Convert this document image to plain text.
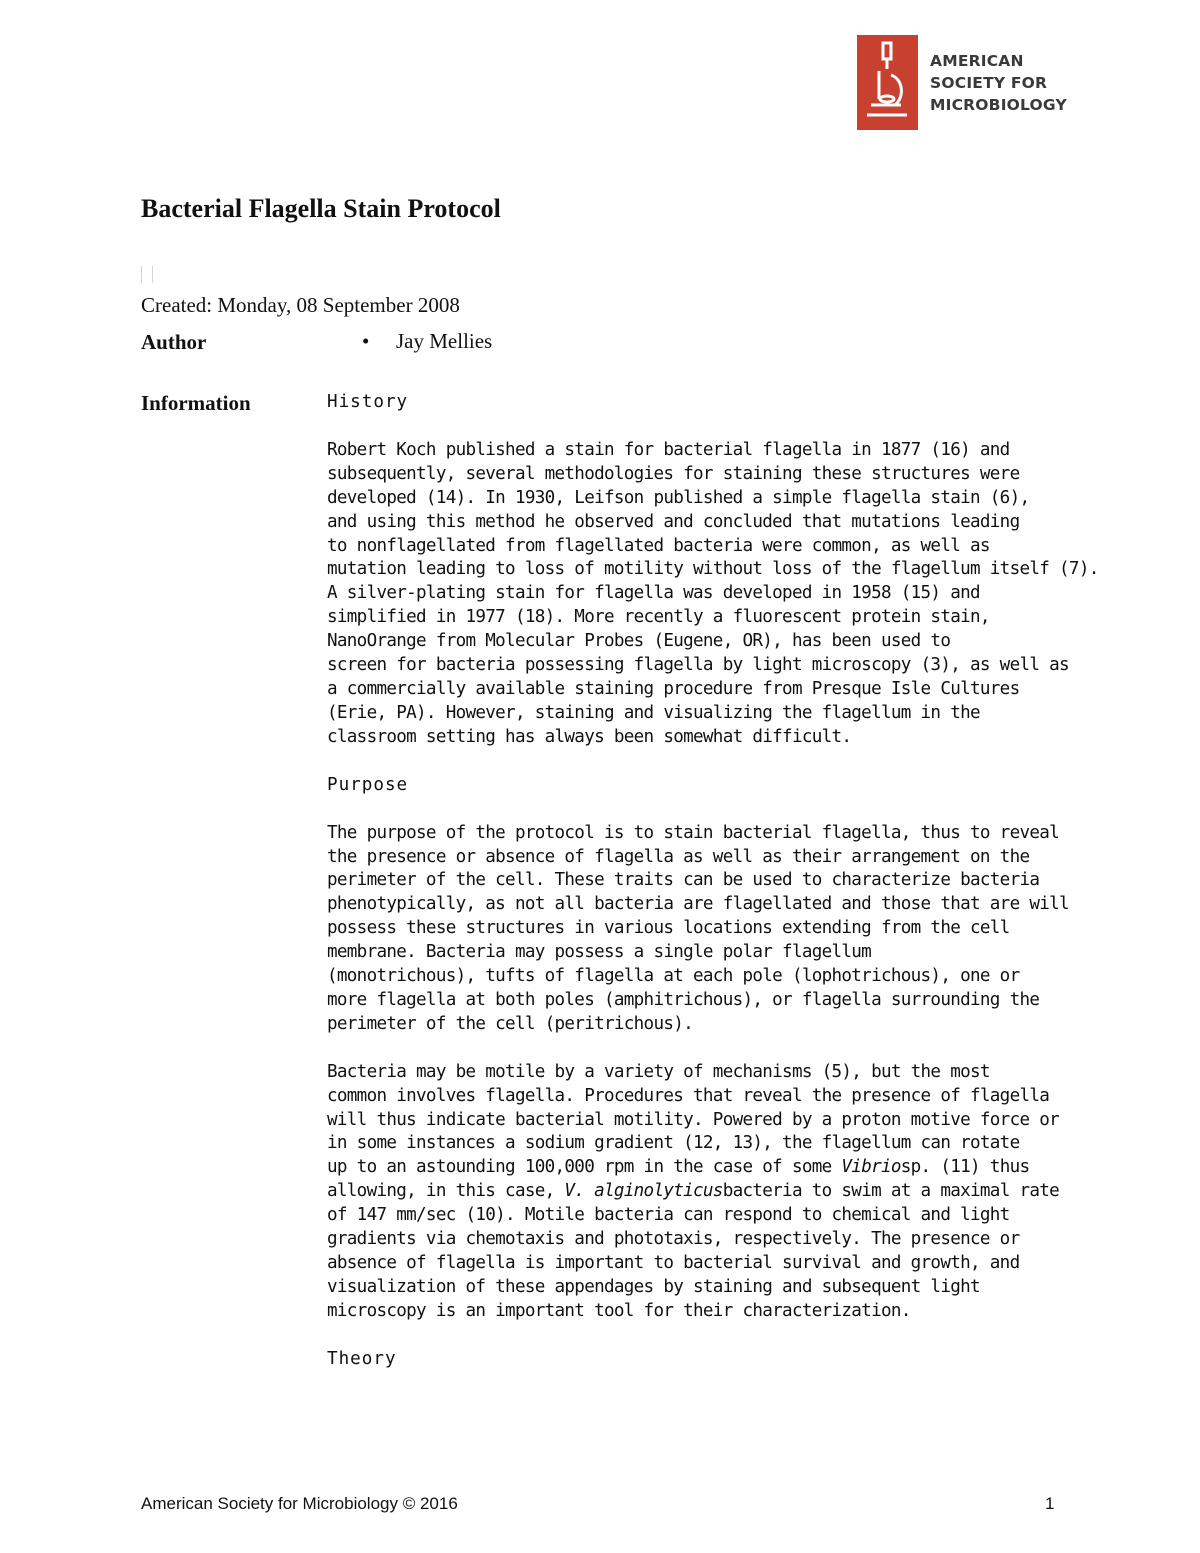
AMERICAN
SOCIETY FOR
MICROBIOLOGY
Bacterial Flagella Stain Protocol
Created: Monday, 08 September 2008
Author	•	Jay Mellies
Information	History

Robert Koch published a stain for bacterial flagella in 1877 (16) and
subsequently, several methodologies for staining these structures were
developed (14). In 1930, Leifson published a simple flagella stain (6),
and using this method he observed and concluded that mutations leading
to nonflagellated from flagellated bacteria were common, as well as
mutation leading to loss of motility without loss of the flagellum itself (7).
A silver-plating stain for flagella was developed in 1958 (15) and
simplified in 1977 (18). More recently a fluorescent protein stain,
NanoOrange from Molecular Probes (Eugene, OR), has been used to
screen for bacteria possessing flagella by light microscopy (3), as well as
a commercially available staining procedure from Presque Isle Cultures
(Erie, PA). However, staining and visualizing the flagellum in the
classroom setting has always been somewhat difficult.

Purpose

The purpose of the protocol is to stain bacterial flagella, thus to reveal
the presence or absence of flagella as well as their arrangement on the
perimeter of the cell. These traits can be used to characterize bacteria
phenotypically, as not all bacteria are flagellated and those that are will
possess these structures in various locations extending from the cell
membrane. Bacteria may possess a single polar flagellum
(monotrichous), tufts of flagella at each pole (lophotrichous), one or
more flagella at both poles (amphitrichous), or flagella surrounding the
perimeter of the cell (peritrichous).

Bacteria may be motile by a variety of mechanisms (5), but the most
common involves flagella. Procedures that reveal the presence of flagella
will thus indicate bacterial motility. Powered by a proton motive force or
in some instances a sodium gradient (12, 13), the flagellum can rotate
up to an astounding 100,000 rpm in the case of some Vibriosp. (11) thus
allowing, in this case, V. alginolyticusbacteria to swim at a maximal rate
of 147 mm/sec (10). Motile bacteria can respond to chemical and light
gradients via chemotaxis and phototaxis, respectively. The presence or
absence of flagella is important to bacterial survival and growth, and
visualization of these appendages by staining and subsequent light
microscopy is an important tool for their characterization.

Theory
American Society for Microbiology © 2016	1
